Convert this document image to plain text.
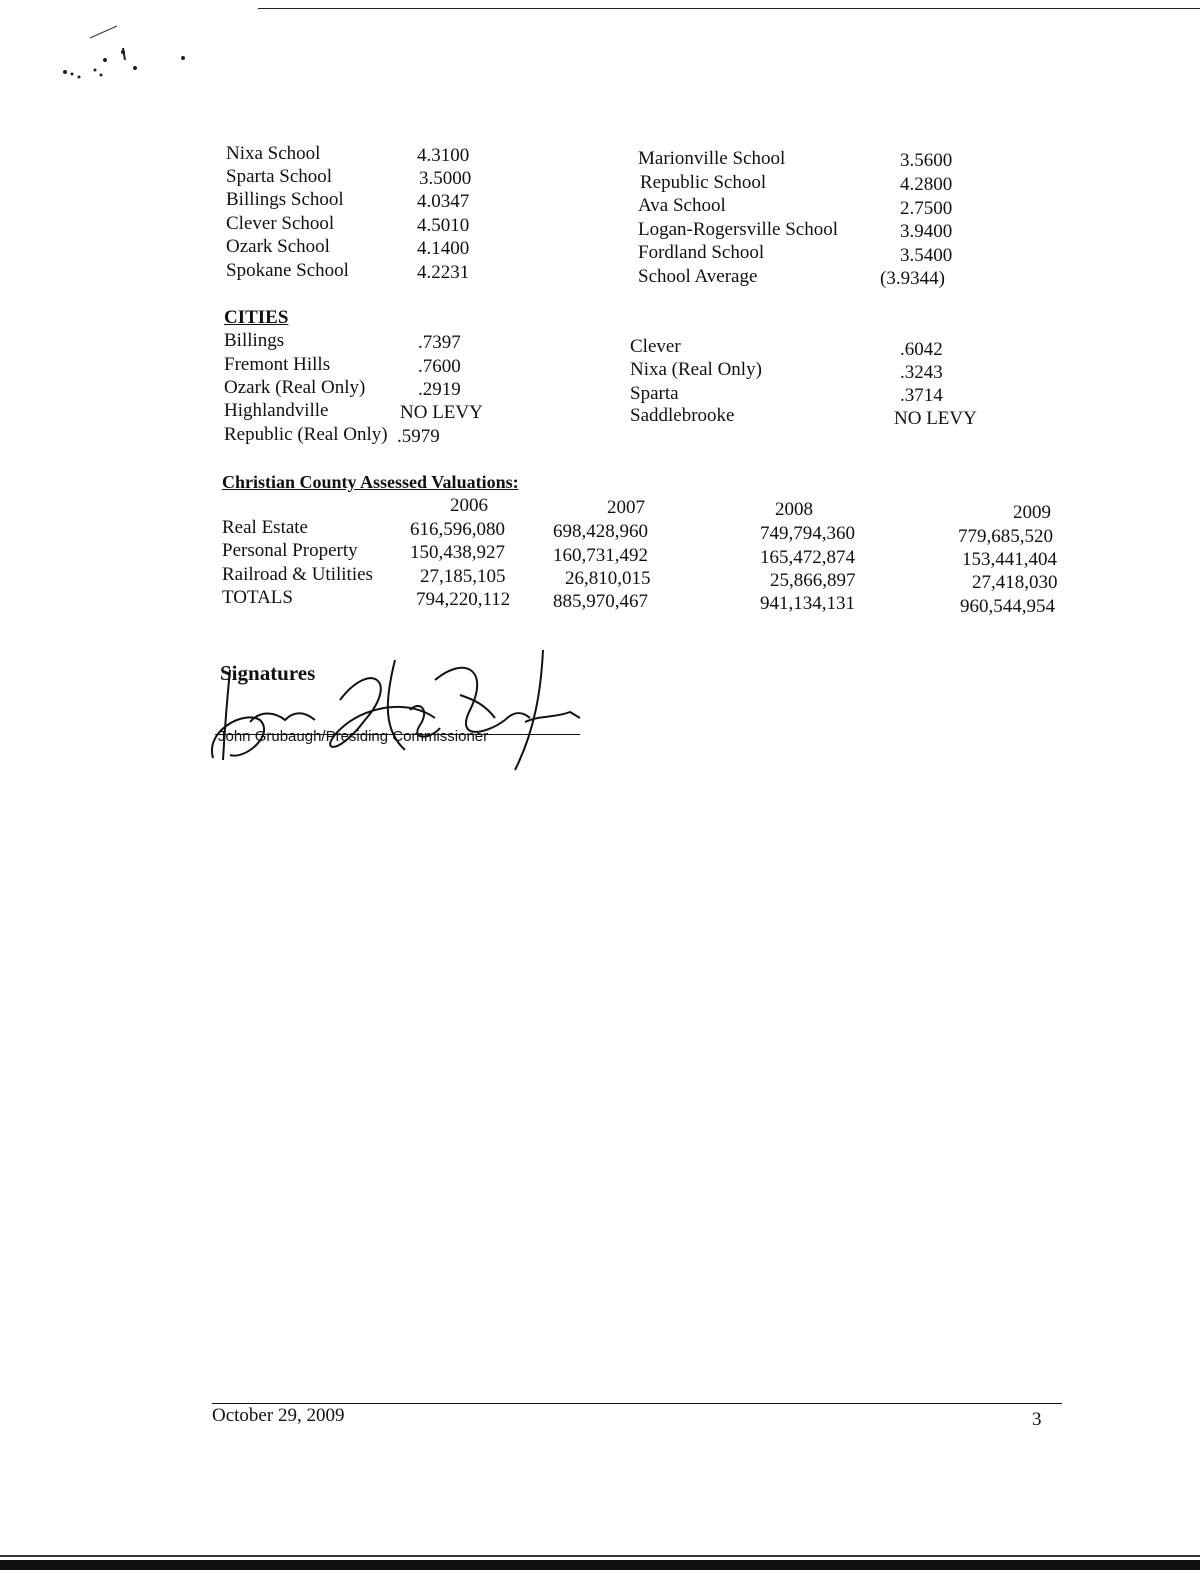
Nixa School	4.3100
Sparta School	3.5000
Billings School	4.0347
Clever School	4.5010
Ozark School	4.1400
Spokane School	4.2231
Marionville School	3.5600
Republic School	4.2800
Ava School	2.7500
Logan-Rogersville School	3.9400
Fordland School	3.5400
School Average	(3.9344)
CITIES
Billings	.7397
Fremont Hills	.7600
Ozark (Real Only)	.2919
Highlandville	NO LEVY
Republic (Real Only) .5979
Clever	.6042
Nixa (Real Only)	.3243
Sparta	.3714
Saddlebrooke	NO LEVY
Christian County Assessed Valuations:
2006	2007	2008	2009
Real Estate	616,596,080	698,428,960	749,794,360	779,685,520
Personal Property	150,438,927	160,731,492	165,472,874	153,441,404
Railroad & Utilities 27,185,105	26,810,015	25,866,897	27,418,030
TOTALS	794,220,112 885,970,467	941,134,131	960,544,954
Signatures
John Grubaugh/Presiding Commissioner
October 29, 2009	3
